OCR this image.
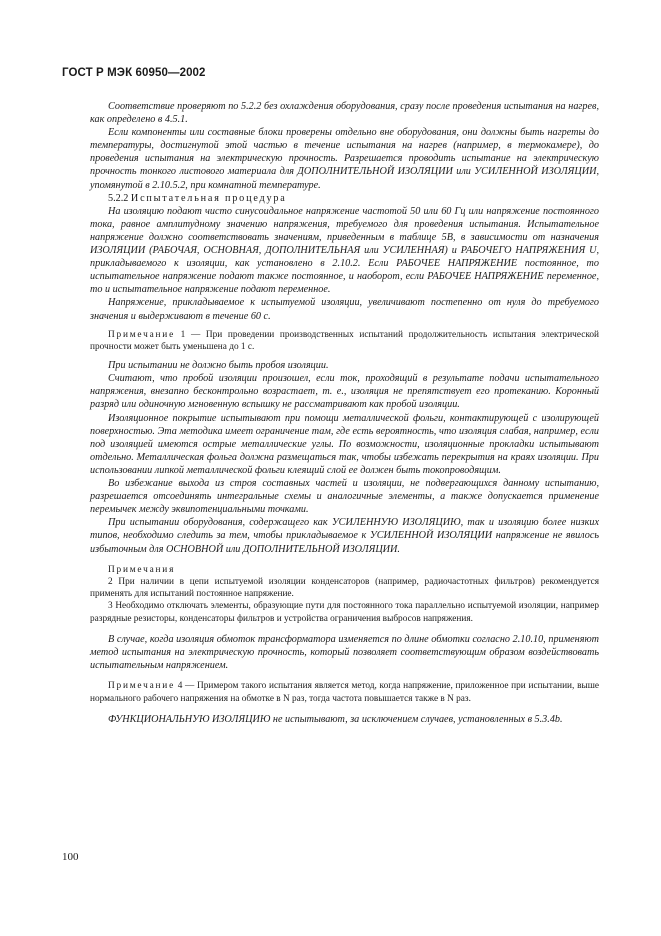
ГОСТ Р МЭК 60950—2002

Соответствие проверяют по 5.2.2 без охлаждения оборудования, сразу после проведения испытания на нагрев, как определено в 4.5.1.

Если компоненты или составные блоки проверены отдельно вне оборудования, они должны быть нагреты до температуры, достигнутой этой частью в течение испытания на нагрев (например, в термокамере), до проведения испытания на электрическую прочность. Разрешается проводить испытание на электрическую прочность тонкого листового материала для ДОПОЛНИТЕЛЬНОЙ ИЗОЛЯЦИИ или УСИЛЕННОЙ ИЗОЛЯЦИИ, упомянутой в 2.10.5.2, при комнатной температуре.

5.2.2 Испытательная процедура

На изоляцию подают чисто синусоидальное напряжение частотой 50 или 60 Гц или напряжение постоянного тока, равное амплитудному значению напряжения, требуемого для проведения испытания. Испытательное напряжение должно соответствовать значениям, приведенным в таблице 5В, в зависимости от назначения ИЗОЛЯЦИИ (РАБОЧАЯ, ОСНОВНАЯ, ДОПОЛНИТЕЛЬНАЯ или УСИЛЕННАЯ) и РАБОЧЕГО НАПРЯЖЕНИЯ U, прикладываемого к изоляции, как установлено в 2.10.2. Если РАБОЧЕЕ НАПРЯЖЕНИЕ постоянное, то испытательное напряжение подают также постоянное, и наоборот, если РАБОЧЕЕ НАПРЯЖЕНИЕ переменное, то и испытательное напряжение подают переменное.

Напряжение, прикладываемое к испытуемой изоляции, увеличивают постепенно от нуля до требуемого значения и выдерживают в течение 60 с.

Примечание 1 — При проведении производственных испытаний продолжительность испытания электрической прочности может быть уменьшена до 1 с.

При испытании не должно быть пробоя изоляции.

Считают, что пробой изоляции произошел, если ток, проходящий в результате подачи испытательного напряжения, внезапно бесконтрольно возрастает, т. е., изоляция не препятствует его протеканию. Коронный разряд или одиночную мгновенную вспышку не рассматривают как пробой изоляции.

Изоляционное покрытие испытывают при помощи металлической фольги, контактирующей с изолирующей поверхностью. Эта методика имеет ограничение там, где есть вероятность, что изоляция слабая, например, если под изоляцией имеются острые металлические углы. По возможности, изоляционные прокладки испытывают отдельно. Металлическая фольга должна размещаться так, чтобы избежать перекрытия на краях изоляции. При использовании липкой металлической фольги клеящий слой ее должен быть токопроводящим.

Во избежание выхода из строя составных частей и изоляции, не подвергающихся данному испытанию, разрешается отсоединять интегральные схемы и аналогичные элементы, а также допускается применение перемычек между эквипотенциальными точками.

При испытании оборудования, содержащего как УСИЛЕННУЮ ИЗОЛЯЦИЮ, так и изоляцию более низких типов, необходимо следить за тем, чтобы прикладываемое к УСИЛЕННОЙ ИЗОЛЯЦИИ напряжение не явилось избыточным для ОСНОВНОЙ или ДОПОЛНИТЕЛЬНОЙ ИЗОЛЯЦИИ.

Примечания

2 При наличии в цепи испытуемой изоляции конденсаторов (например, радиочастотных фильтров) рекомендуется применять для испытаний постоянное напряжение.

3 Необходимо отключать элементы, образующие пути для постоянного тока параллельно испытуемой изоляции, например разрядные резисторы, конденсаторы фильтров и устройства ограничения выбросов напряжения.

В случае, когда изоляция обмоток трансформатора изменяется по длине обмотки согласно 2.10.10, применяют метод испытания на электрическую прочность, который позволяет соответствующим образом воздействовать испытательным напряжением.

Примечание 4 — Примером такого испытания является метод, когда напряжение, приложенное при испытании, выше нормального рабочего напряжения на обмотке в N раз, тогда частота повышается также в N раз.

ФУНКЦИОНАЛЬНУЮ ИЗОЛЯЦИЮ не испытывают, за исключением случаев, установленных в 5.3.4b.

100
